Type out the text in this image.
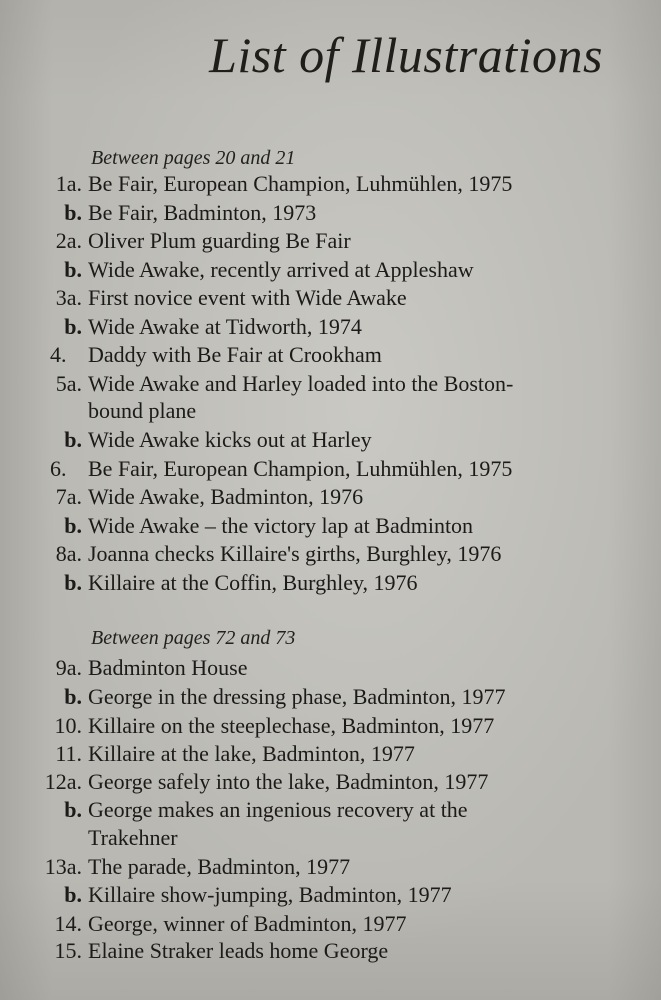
List of Illustrations
Between pages 20 and 21
1a. Be Fair, European Champion, Luhmühlen, 1975
b. Be Fair, Badminton, 1973
2a. Oliver Plum guarding Be Fair
b. Wide Awake, recently arrived at Appleshaw
3a. First novice event with Wide Awake
b. Wide Awake at Tidworth, 1974
4. Daddy with Be Fair at Crookham
5a. Wide Awake and Harley loaded into the Boston-
bound plane
b. Wide Awake kicks out at Harley
6. Be Fair, European Champion, Luhmühlen, 1975
7a. Wide Awake, Badminton, 1976
b. Wide Awake – the victory lap at Badminton
8a. Joanna checks Killaire's girths, Burghley, 1976
b. Killaire at the Coffin, Burghley, 1976
Between pages 72 and 73
9a. Badminton House
b. George in the dressing phase, Badminton, 1977
10. Killaire on the steeplechase, Badminton, 1977
11. Killaire at the lake, Badminton, 1977
12a. George safely into the lake, Badminton, 1977
b. George makes an ingenious recovery at the
Trakehner
13a. The parade, Badminton, 1977
b. Killaire show-jumping, Badminton, 1977
14. George, winner of Badminton, 1977
15. Elaine Straker leads home George
